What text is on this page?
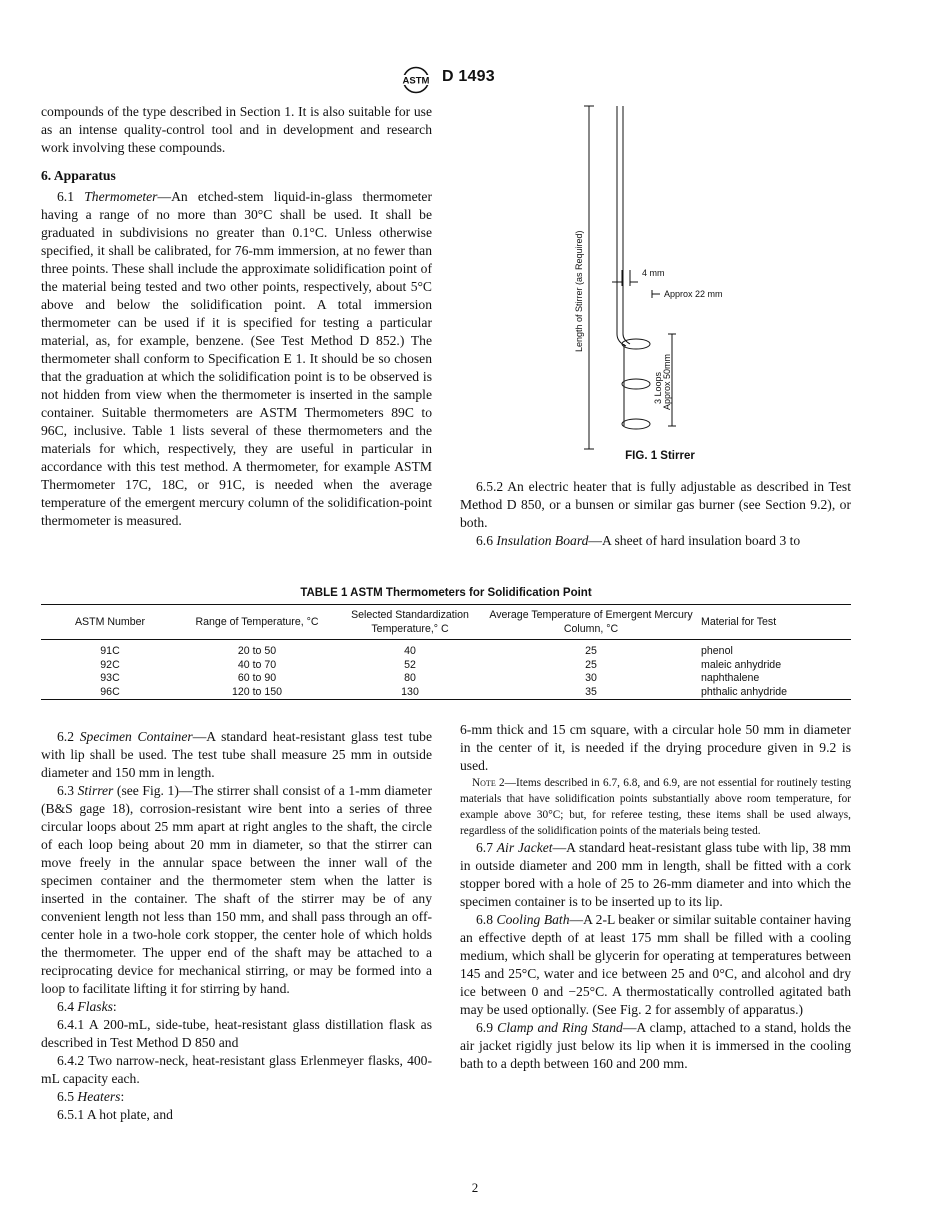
ASTM D 1493

compounds of the type described in Section 1. It is also suitable for use as an intense quality-control tool and in development and research work involving these compounds.

6. Apparatus

6.1 Thermometer—An etched-stem liquid-in-glass thermometer having a range of no more than 30°C shall be used. It shall be graduated in subdivisions no greater than 0.1°C. Unless otherwise specified, it shall be calibrated, for 76-mm immersion, at no fewer than three points. These shall include the approximate solidification point of the material being tested and two other points, respectively, about 5°C above and below the solidification point. A total immersion thermometer can be used if it is specified for testing a particular material, as, for example, benzene. (See Test Method D 852.) The thermometer shall conform to Specification E 1. It should be so chosen that the graduation at which the solidification point is to be observed is not hidden from view when the thermometer is inserted in the sample container. Suitable thermometers are ASTM Thermometers 89C to 96C, inclusive. Table 1 lists several of these thermometers and the materials for which, respectively, they are useful in particular in accordance with this test method. A thermometer, for example ASTM Thermometer 17C, 18C, or 91C, is needed when the average temperature of the emergent mercury column of the solidification-point thermometer is measured.

Length of Stirrer (as Required)	4 mm
Approx 22 mm
3 Loops Approx 50mm
FIG. 1 Stirrer

6.5.2 An electric heater that is fully adjustable as described in Test Method D 850, or a bunsen or similar gas burner (see Section 9.2), or both.

6.6 Insulation Board—A sheet of hard insulation board 3 to

TABLE 1 ASTM Thermometers for Solidification Point
ASTM Number	Range of Temperature, °C	Selected Standardization Temperature,° C	Average Temperature of Emergent Mercury Column, °C	Material for Test
91C	20 to 50	40	25	phenol
92C	40 to 70	52	25	maleic anhydride
93C	60 to 90	80	30	naphthalene
96C	120 to 150	130	35	phthalic anhydride

6.2 Specimen Container—A standard heat-resistant glass test tube with lip shall be used. The test tube shall measure 25 mm in outside diameter and 150 mm in length.

6.3 Stirrer (see Fig. 1)—The stirrer shall consist of a 1-mm diameter (B&S gage 18), corrosion-resistant wire bent into a series of three circular loops about 25 mm apart at right angles to the shaft, the circle of each loop being about 20 mm in diameter, so that the stirrer can move freely in the annular space between the inner wall of the specimen container and the thermometer stem when the latter is inserted in the container. The shaft of the stirrer may be of any convenient length not less than 150 mm, and shall pass through an off-center hole in a two-hole cork stopper, the center hole of which holds the thermometer. The upper end of the shaft may be attached to a reciprocating device for mechanical stirring, or may be formed into a loop to facilitate lifting it for stirring by hand.

6.4 Flasks:

6.4.1 A 200-mL, side-tube, heat-resistant glass distillation flask as described in Test Method D 850 and

6.4.2 Two narrow-neck, heat-resistant glass Erlenmeyer flasks, 400-mL capacity each.

6.5 Heaters:

6.5.1 A hot plate, and

6-mm thick and 15 cm square, with a circular hole 50 mm in diameter in the center of it, is needed if the drying procedure given in 9.2 is used.

Note 2—Items described in 6.7, 6.8, and 6.9, are not essential for routinely testing materials that have solidification points substantially above room temperature, for example above 30°C; but, for referee testing, these items shall be used always, regardless of the solidification points of the materials being tested.

6.7 Air Jacket—A standard heat-resistant glass tube with lip, 38 mm in outside diameter and 200 mm in length, shall be fitted with a cork stopper bored with a hole of 25 to 26-mm diameter and into which the specimen container is to be inserted up to its lip.

6.8 Cooling Bath—A 2-L beaker or similar suitable container having an effective depth of at least 175 mm shall be filled with a cooling medium, which shall be glycerin for operating at temperatures between 145 and 25°C, water and ice between 25 and 0°C, and alcohol and dry ice between 0 and −25°C. A thermostatically controlled agitated bath may be used optionally. (See Fig. 2 for assembly of apparatus.)

6.9 Clamp and Ring Stand—A clamp, attached to a stand, holds the air jacket rigidly just below its lip when it is immersed in the cooling bath to a depth between 160 and 200 mm.

2
